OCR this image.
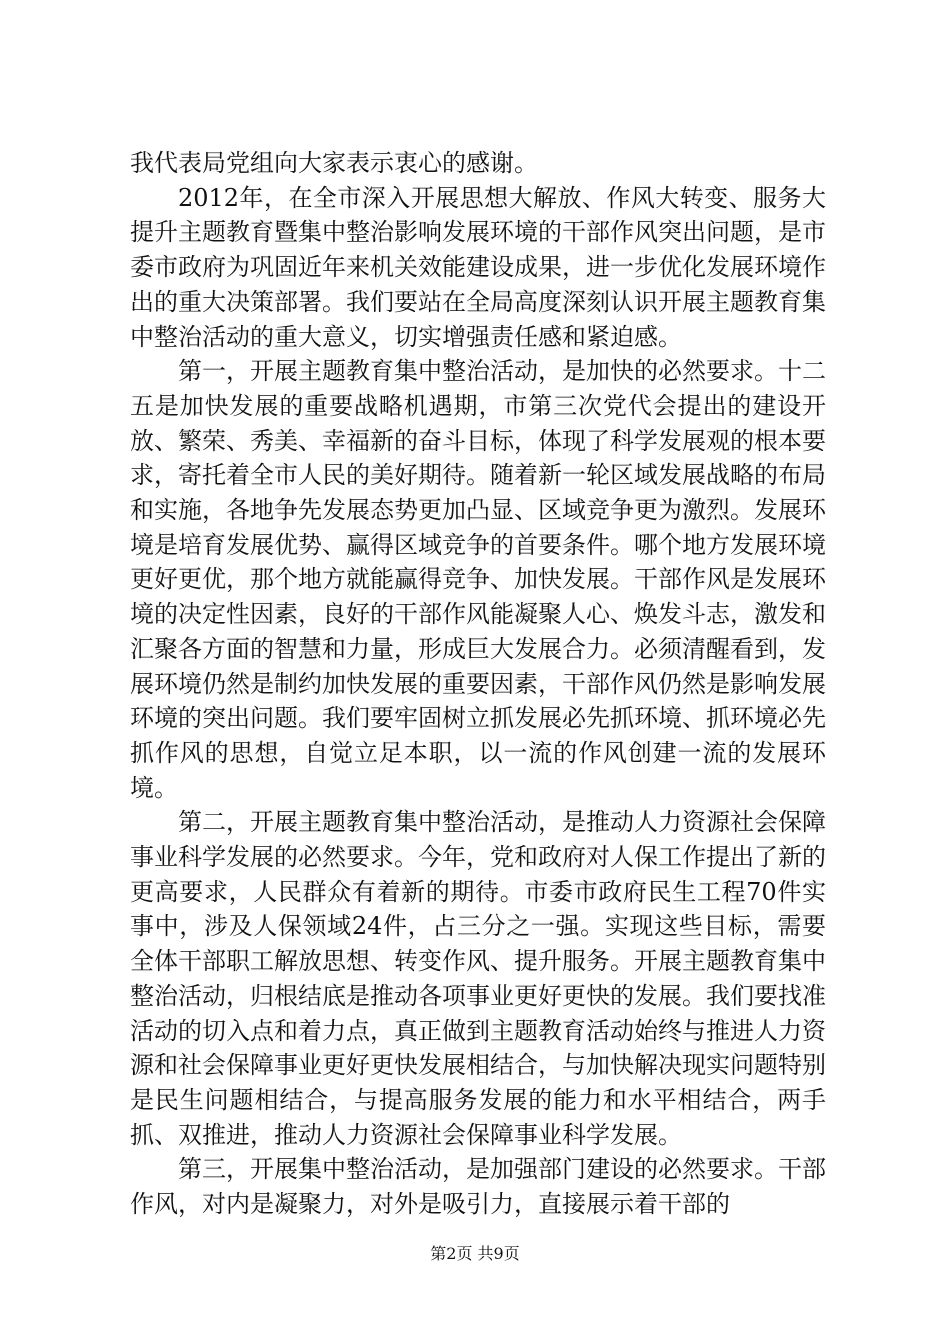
我代表局党组向大家表示衷心的感谢。

2012年，在全市深入开展思想大解放、作风大转变、服务大提升主题教育暨集中整治影响发展环境的干部作风突出问题，是市委市政府为巩固近年来机关效能建设成果，进一步优化发展环境作出的重大决策部署。我们要站在全局高度深刻认识开展主题教育集中整治活动的重大意义，切实增强责任感和紧迫感。

第一，开展主题教育集中整治活动，是加快的必然要求。十二五是加快发展的重要战略机遇期，市第三次党代会提出的建设开放、繁荣、秀美、幸福新的奋斗目标，体现了科学发展观的根本要求，寄托着全市人民的美好期待。随着新一轮区域发展战略的布局和实施，各地争先发展态势更加凸显、区域竞争更为激烈。发展环境是培育发展优势、赢得区域竞争的首要条件。哪个地方发展环境更好更优，那个地方就能赢得竞争、加快发展。干部作风是发展环境的决定性因素，良好的干部作风能凝聚人心、焕发斗志，激发和汇聚各方面的智慧和力量，形成巨大发展合力。必须清醒看到，发展环境仍然是制约加快发展的重要因素，干部作风仍然是影响发展环境的突出问题。我们要牢固树立抓发展必先抓环境、抓环境必先抓作风的思想，自觉立足本职，以一流的作风创建一流的发展环境。

第二，开展主题教育集中整治活动，是推动人力资源社会保障事业科学发展的必然要求。今年，党和政府对人保工作提出了新的更高要求，人民群众有着新的期待。市委市政府民生工程70件实事中，涉及人保领域24件，占三分之一强。实现这些目标，需要全体干部职工解放思想、转变作风、提升服务。开展主题教育集中整治活动，归根结底是推动各项事业更好更快的发展。我们要找准活动的切入点和着力点，真正做到主题教育活动始终与推进人力资源和社会保障事业更好更快发展相结合，与加快解决现实问题特别是民生问题相结合，与提高服务发展的能力和水平相结合，两手抓、双推进，推动人力资源社会保障事业科学发展。

第三，开展集中整治活动，是加强部门建设的必然要求。干部作风，对内是凝聚力，对外是吸引力，直接展示着干部的

第2页 共9页
